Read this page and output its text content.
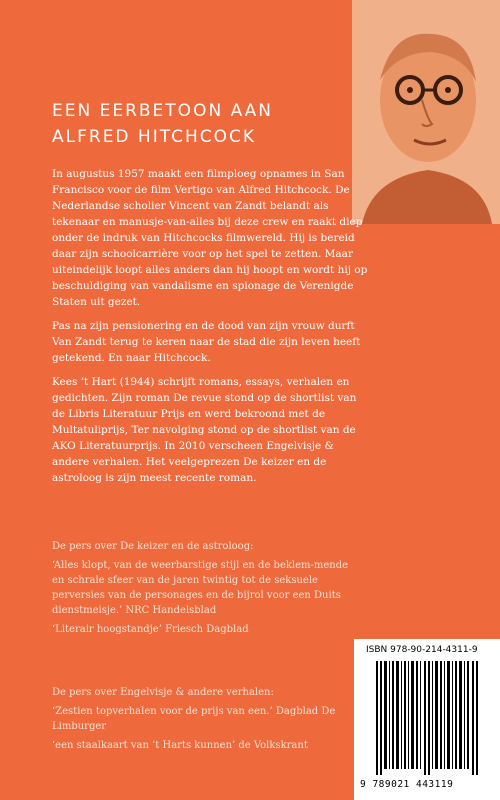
EEN EERBETOON AAN
ALFRED HITCHCOCK

In augustus 1957 maakt een filmploeg opnames in San Francisco voor de film Vertigo van Alfred Hitchcock. De Nederlandse scholier Vincent van Zandt belandt als tekenaar en manusje-van-alles bij deze crew en raakt diep onder de indruk van Hitchcocks filmwereld. Hij is bereid daar zijn schoolcarrière voor op het spel te zetten. Maar uiteindelijk loopt alles anders dan hij hoopt en wordt hij op beschuldiging van vandalisme en spionage de Verenigde Staten uit gezet.

Pas na zijn pensionering en de dood van zijn vrouw durft Van Zandt terug te keren naar de stad die zijn leven heeft getekend. En naar Hitchcock.

Kees ’t Hart (1944) schrijft romans, essays, verhalen en gedichten. Zijn roman De revue stond op de shortlist van de Libris Literatuur Prijs en werd bekroond met de Multatuliprijs, Ter navolging stond op de shortlist van de AKO Literatuurprijs. In 2010 verscheen Engelvisje & andere verhalen. Het veelgeprezen De keizer en de astroloog is zijn meest recente roman.

De pers over De keizer en de astroloog:
‘Alles klopt, van de weerbarstige stijl en de beklem-mende en schrale sfeer van de jaren twintig tot de seksuele perversies van de personages en de bijrol voor een Duits dienstmeisje.’ NRC Handelsblad
‘Literair hoogstandje’ Friesch Dagblad
De pers over Engelvisje & andere verhalen:
‘Zestien topverhalen voor de prijs van een.’ Dagblad De Limburger
‘een staalkaart van ’t Harts kunnen’ de Volkskrant
ISBN 978-90-214-4311-9
9 789021 443119
